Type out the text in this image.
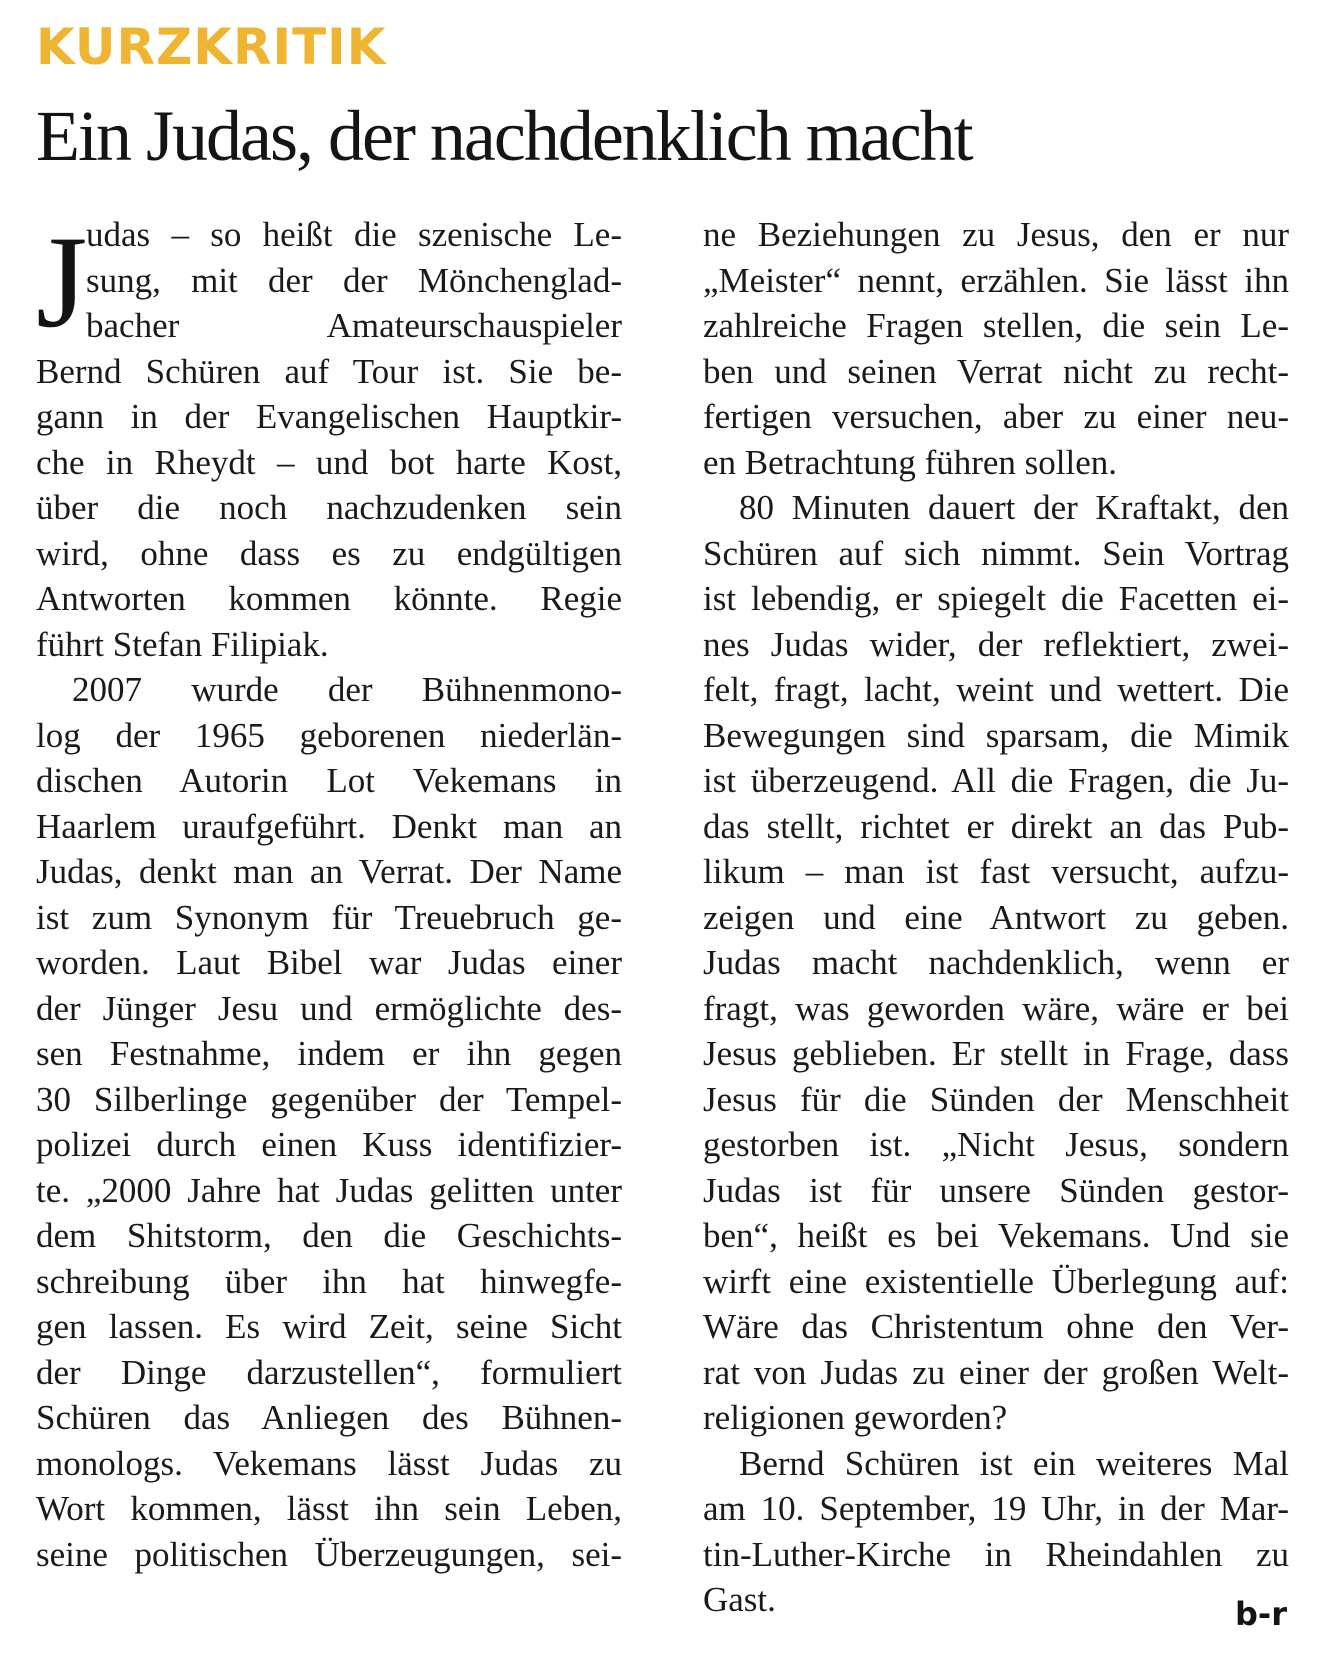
KURZKRITIK
Ein Judas, der nachdenklich macht
J
udas – so heißt die szenische Le-
sung, mit der der Mönchenglad-
bacher Amateurschauspieler
Bernd Schüren auf Tour ist. Sie be-
gann in der Evangelischen Hauptkir-
che in Rheydt – und bot harte Kost,
über die noch nachzudenken sein
wird, ohne dass es zu endgültigen
Antworten kommen könnte. Regie
führt Stefan Filipiak.
2007 wurde der Bühnenmono-
log der 1965 geborenen niederlän-
dischen Autorin Lot Vekemans in
Haarlem uraufgeführt. Denkt man an
Judas, denkt man an Verrat. Der Name
ist zum Synonym für Treuebruch ge-
worden. Laut Bibel war Judas einer
der Jünger Jesu und ermöglichte des-
sen Festnahme, indem er ihn gegen
30 Silberlinge gegenüber der Tempel-
polizei durch einen Kuss identifizier-
te. „2000 Jahre hat Judas gelitten unter
dem Shitstorm, den die Geschichts-
schreibung über ihn hat hinwegfe-
gen lassen. Es wird Zeit, seine Sicht
der Dinge darzustellen“, formuliert
Schüren das Anliegen des Bühnen-
monologs. Vekemans lässt Judas zu
Wort kommen, lässt ihn sein Leben,
seine politischen Überzeugungen, sei-
ne Beziehungen zu Jesus, den er nur
„Meister“ nennt, erzählen. Sie lässt ihn
zahlreiche Fragen stellen, die sein Le-
ben und seinen Verrat nicht zu recht-
fertigen versuchen, aber zu einer neu-
en Betrachtung führen sollen.
80 Minuten dauert der Kraftakt, den
Schüren auf sich nimmt. Sein Vortrag
ist lebendig, er spiegelt die Facetten ei-
nes Judas wider, der reflektiert, zwei-
felt, fragt, lacht, weint und wettert. Die
Bewegungen sind sparsam, die Mimik
ist überzeugend. All die Fragen, die Ju-
das stellt, richtet er direkt an das Pub-
likum – man ist fast versucht, aufzu-
zeigen und eine Antwort zu geben.
Judas macht nachdenklich, wenn er
fragt, was geworden wäre, wäre er bei
Jesus geblieben. Er stellt in Frage, dass
Jesus für die Sünden der Menschheit
gestorben ist. „Nicht Jesus, sondern
Judas ist für unsere Sünden gestor-
ben“, heißt es bei Vekemans. Und sie
wirft eine existentielle Überlegung auf:
Wäre das Christentum ohne den Ver-
rat von Judas zu einer der großen Welt-
religionen geworden?
Bernd Schüren ist ein weiteres Mal
am 10. September, 19 Uhr, in der Mar-
tin-Luther-Kirche in Rheindahlen zu
Gast.	b-r
